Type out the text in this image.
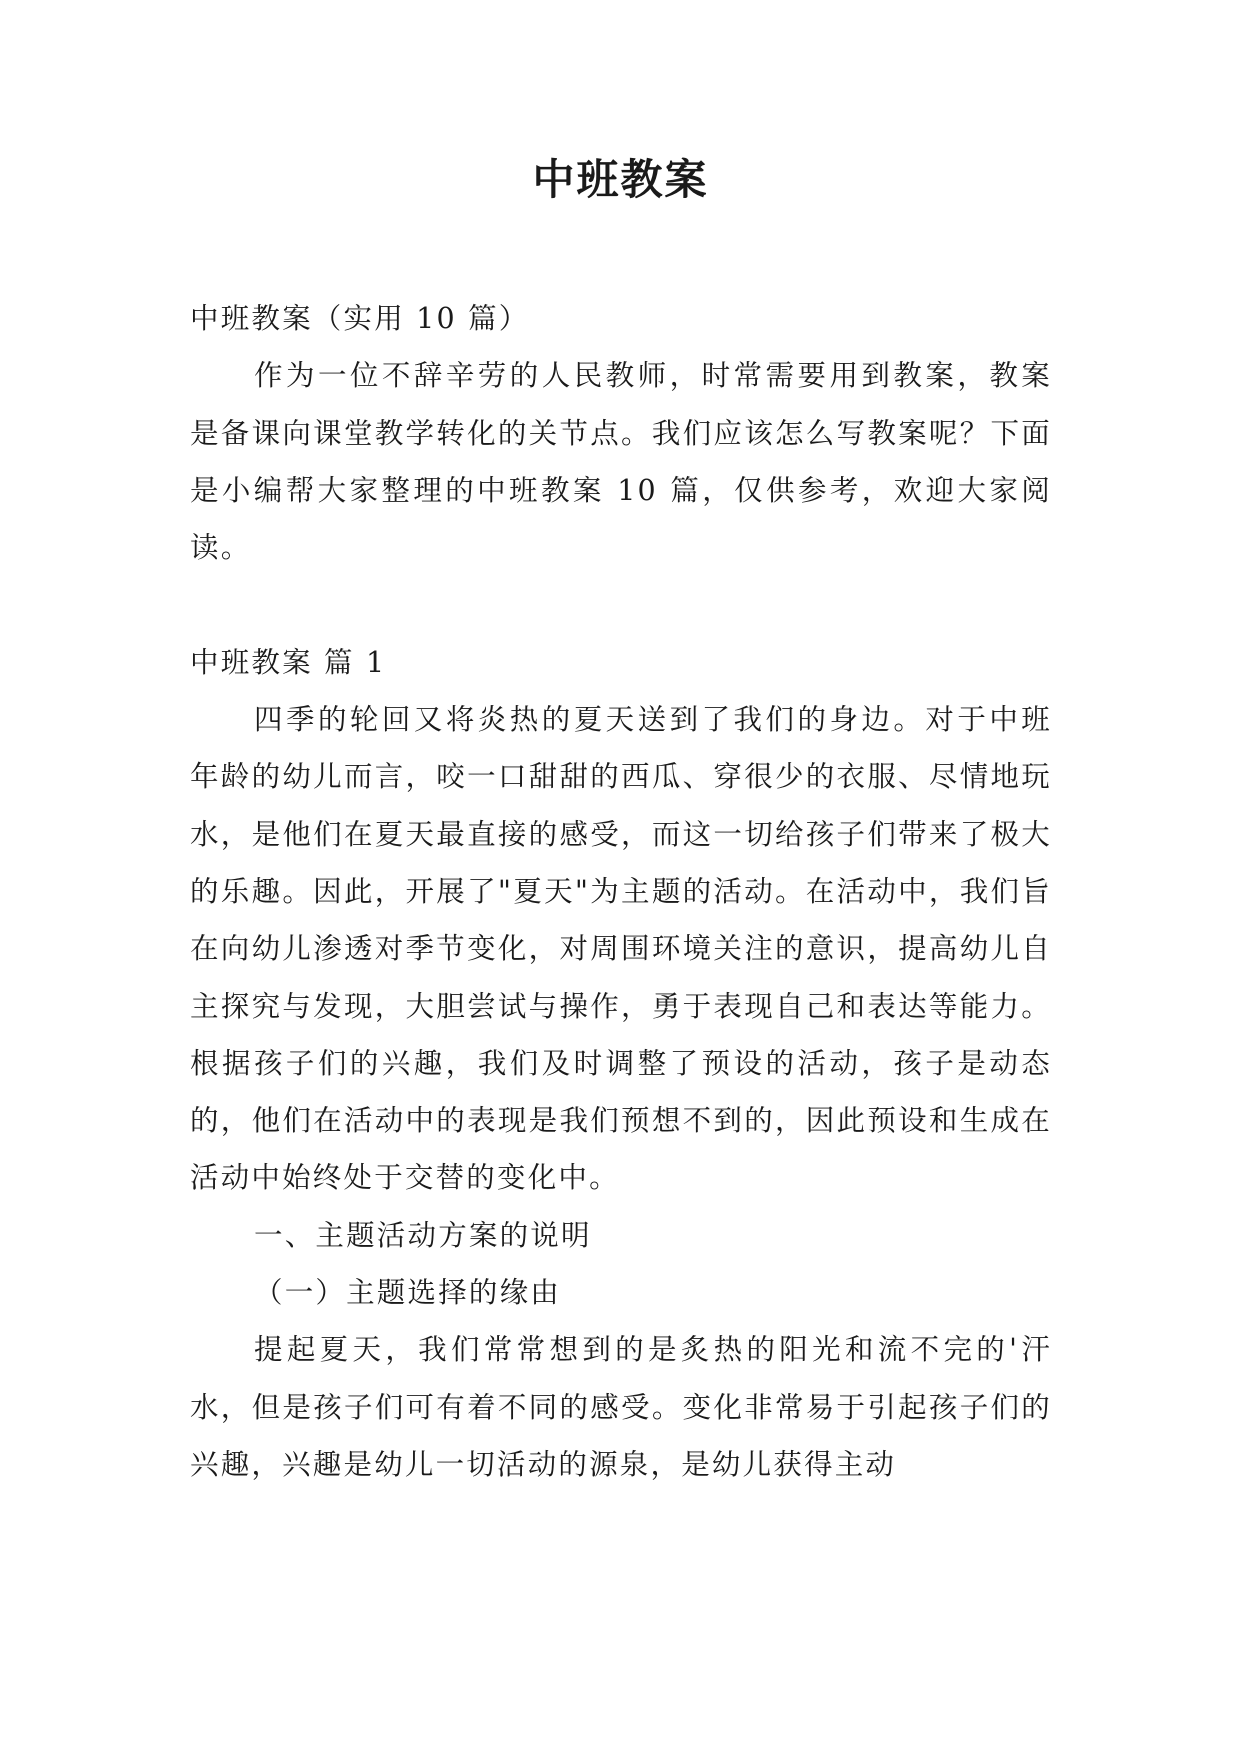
中班教案

中班教案（实用 10 篇）

作为一位不辞辛劳的人民教师，时常需要用到教案，教案是备课向课堂教学转化的关节点。我们应该怎么写教案呢？下面是小编帮大家整理的中班教案 10 篇，仅供参考，欢迎大家阅读。

中班教案 篇 1

四季的轮回又将炎热的夏天送到了我们的身边。对于中班年龄的幼儿而言，咬一口甜甜的西瓜、穿很少的衣服、尽情地玩水，是他们在夏天最直接的感受，而这一切给孩子们带来了极大的乐趣。因此，开展了"夏天"为主题的活动。在活动中，我们旨在向幼儿渗透对季节变化，对周围环境关注的意识，提高幼儿自主探究与发现，大胆尝试与操作，勇于表现自己和表达等能力。根据孩子们的兴趣，我们及时调整了预设的活动，孩子是动态的，他们在活动中的表现是我们预想不到的，因此预设和生成在活动中始终处于交替的变化中。

一、主题活动方案的说明

（一）主题选择的缘由

提起夏天，我们常常想到的是炙热的阳光和流不完的'汗水，但是孩子们可有着不同的感受。变化非常易于引起孩子们的兴趣，兴趣是幼儿一切活动的源泉，是幼儿获得主动
